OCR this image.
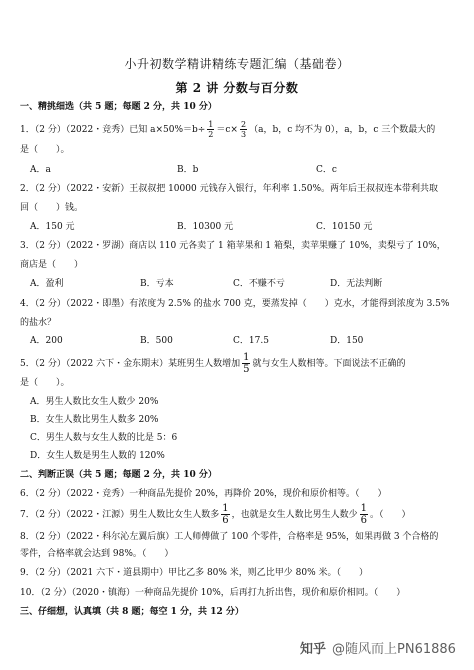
小升初数学精讲精练专题汇编（基础卷）
第 2 讲 分数与百分数
一、精挑细选（共 5 题；每题 2 分，共 10 分）
1．（2 分）（2022・竞秀）已知 $a\times 50\%=b\div \frac{1}{2} =c\times \frac{2}{3} (a$，b，c 均不为 0），a，b，c 三个数最大的
是（　　）。
A．a	B．b	C．c
2．（2 分）（2022・安新）王叔叔把 10000 元钱存入银行，年利率 1.50%。两年后王叔叔连本带利共取
回（　　）钱。
A．150 元	B．10300 元	C．10150 元
3．（2 分）（2022・罗湖）商店以 110 元各卖了 1 箱苹果和 1 箱梨，卖苹果赚了 10%，卖梨亏了 10%，
商店是（　　）
A．盈利	B．亏本	C．不赚不亏	D．无法判断
4．（2 分）（2022・即墨）有浓度为 2.5% 的盐水 700 克，要蒸发掉（　　）克水，才能得到浓度为 3.5%
的盐水？
A．200	B．500	C．17.5	D．150
5．（2 分）（2022 六下・金东期末）某班男生人数增加 $\frac{1}{5}$ 就与女生人数相等。下面说法不正确的
是（　　）。
A．男生人数比女生人数少 20%
B．女生人数比男生人数多 20%
C．男生人数与女生人数的比是 5：6
D．女生人数是男生人数的 120%
二、判断正误（共 5 题；每题 2 分，共 10 分）
6．（2 分）（2022・竞秀）一种商品先提价 20%，再降价 20%，现价和原价相等。（　　）
7．（2 分）（2022・江源）男生人数比女生人数多 $\frac{1}{6}$ ，也就是女生人数比男生人数少 $\frac{1}{6}$ 。（　　）
8．（2 分）（2022・科尔沁左翼后旗）工人师傅做了 100 个零件，合格率是 95%，如果再做 3 个合格的
零件，合格率就会达到 98%。（　　）
9．（2 分）（2021 六下・道县期中）甲比乙多 80% 米，则乙比甲少 80% 米。（　　）
10．（2 分）（2020・镇海）一种商品先提价 10%，后再打九折出售，现价和原价相同。（　　）
三、仔细想，认真填（共 8 题；每空 1 分，共 12 分）
知乎 @随风而上PN61886
